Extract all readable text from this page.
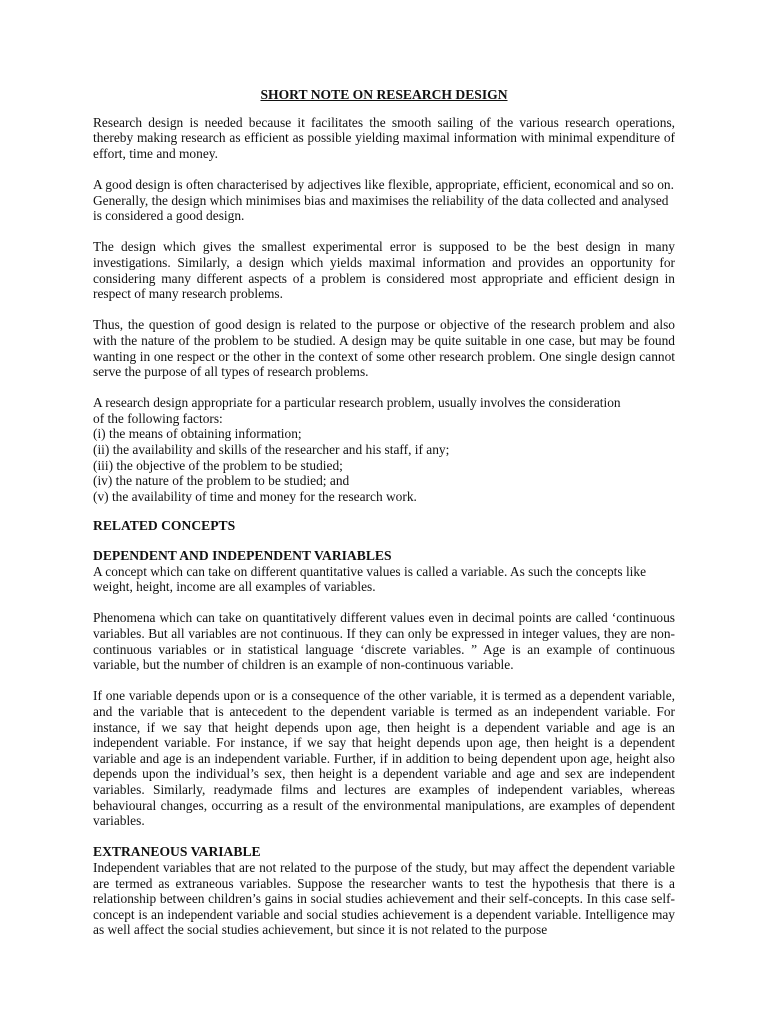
SHORT NOTE ON RESEARCH DESIGN

Research design is needed because it facilitates the smooth sailing of the various research operations, thereby making research as efficient as possible yielding maximal information with minimal expenditure of effort, time and money.

A good design is often characterised by adjectives like flexible, appropriate, efficient, economical and so on. Generally, the design which minimises bias and maximises the reliability of the data collected and analysed is considered a good design.

The design which gives the smallest experimental error is supposed to be the best design in many investigations. Similarly, a design which yields maximal information and provides an opportunity for considering many different aspects of a problem is considered most appropriate and efficient design in respect of many research problems.

Thus, the question of good design is related to the purpose or objective of the research problem and also with the nature of the problem to be studied. A design may be quite suitable in one case, but may be found wanting in one respect or the other in the context of some other research problem. One single design cannot serve the purpose of all types of research problems.

A research design appropriate for a particular research problem, usually involves the consideration
of the following factors:
(i) the means of obtaining information;
(ii) the availability and skills of the researcher and his staff, if any;
(iii) the objective of the problem to be studied;
(iv) the nature of the problem to be studied; and
(v) the availability of time and money for the research work.
RELATED CONCEPTS
DEPENDENT AND INDEPENDENT VARIABLES

A concept which can take on different quantitative values is called a variable. As such the concepts like weight, height, income are all examples of variables.

Phenomena which can take on quantitatively different values even in decimal points are called ‘continuous variables. But all variables are not continuous. If they can only be expressed in integer values, they are non-continuous variables or in statistical language ‘discrete variables. ” Age is an example of continuous variable, but the number of children is an example of non-continuous variable.

If one variable depends upon or is a consequence of the other variable, it is termed as a dependent variable, and the variable that is antecedent to the dependent variable is termed as an independent variable. For instance, if we say that height depends upon age, then height is a dependent variable and age is an independent variable. For instance, if we say that height depends upon age, then height is a dependent variable and age is an independent variable. Further, if in addition to being dependent upon age, height also depends upon the individual’s sex, then height is a dependent variable and age and sex are independent variables. Similarly, readymade films and lectures are examples of independent variables, whereas behavioural changes, occurring as a result of the environmental manipulations, are examples of dependent variables.

EXTRANEOUS VARIABLE

Independent variables that are not related to the purpose of the study, but may affect the dependent variable are termed as extraneous variables. Suppose the researcher wants to test the hypothesis that there is a relationship between children’s gains in social studies achievement and their self-concepts. In this case self-concept is an independent variable and social studies achievement is a dependent variable. Intelligence may as well affect the social studies achievement, but since it is not related to the purpose
